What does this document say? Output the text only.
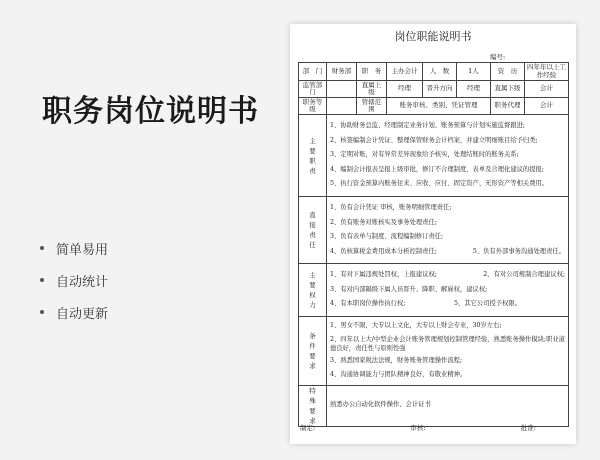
职务岗位说明书
简单易用
自动统计
自动更新
岗位职能说明书
编号:
部　门	财务部	职　务	主办会计	人　数	1人	资　历	四年年以上工作经验
监管部门		直属上级	经理	晋升方向	经理	直属下级	会计
职务等级		管辖范围	账务审核、类别、凭证管理			职务代理	会计
主要职责	1、协助财务总监、经理制定业务计划、账务预算与计划实施监督跟进;
2、核签编制会计凭证、整理保管财务会计档案，并建立明细账目给予归类;
3、定期对账，对有异常差异现象给予核实，处理结账时的账务关系;
4、编制会计报表呈报上级审批，修订不合理制度、表单及合理化建议的提报;
5、执行资金预算内账务往来、应收、应付、固定资产、无形资产等相关费用。						

直接责任	1、负有会计凭证 审核，账务明细管理责任;
2、负有账务对账核实及事务处理责任;
3、负有表单与制度、流程编制修订责任;
4、负核算税金费用成本分析控制责任; 5、负有外部事务沟通处理责任。						

主要权力	1、有对下属违规处罚权，上报建议权; 2、有对公司规制合理建议权;
3、有对内部隔级下属人员晋升、降职、解雇权，建议权;
4、有本职岗位操作执行权; 5、其它公司授予权限。						

条件要求	1、男女不限，大专以上文化，大专以上财会专业，30岁左右;
2、四年以上大/中型企业会计账务管理规划控制管理经验，熟悉账务操作模块;职业道德良好，责任性与原则性强
3、熟悉国家税法法规，财务账务管理操作流程;
4、沟通协调能力与团队精神良好，有敬业精神。						

特殊要求	熟悉办公自动化软件操作、会计证书						
制定:	审核:	批准:
